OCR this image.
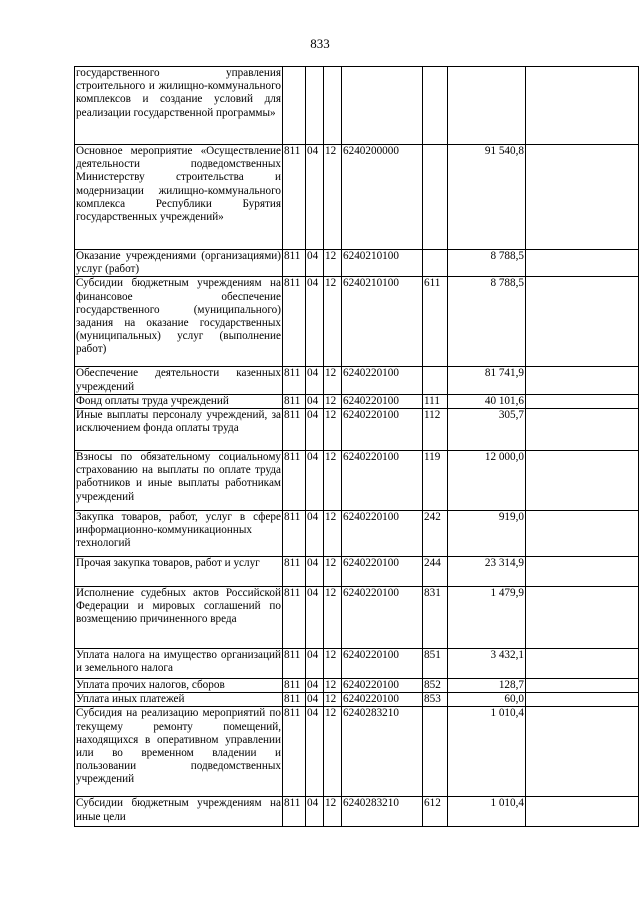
833
государственного управления строительного и жилищно-коммунального комплексов и создание условий для реализации государственной программы»							
Основное мероприятие «Осуществление деятельности подведомственных Министерству строительства и модернизации жилищно-коммунального комплекса Республики Бурятия государственных учреждений»	811	04	12	6240200000		91 540,8	
Оказание учреждениями (организациями) услуг (работ)	811	04	12	6240210100		8 788,5	
Субсидии бюджетным учреждениям на финансовое обеспечение государственного (муниципального) задания на оказание государственных (муниципальных) услуг (выполнение работ)	811	04	12	6240210100	611	8 788,5	
Обеспечение деятельности казенных учреждений	811	04	12	6240220100		81 741,9	
Фонд оплаты труда учреждений	811	04	12	6240220100	111	40 101,6	
Иные выплаты персоналу учреждений, за исключением фонда оплаты труда	811	04	12	6240220100	112	305,7	
Взносы по обязательному социальному страхованию на выплаты по оплате труда работников и иные выплаты работникам учреждений	811	04	12	6240220100	119	12 000,0	
Закупка товаров, работ, услуг в сфере информационно-коммуникационных технологий	811	04	12	6240220100	242	919,0	
Прочая закупка товаров, работ и услуг	811	04	12	6240220100	244	23 314,9	
Исполнение судебных актов Российской Федерации и мировых соглашений по возмещению причиненного вреда	811	04	12	6240220100	831	1 479,9	
Уплата налога на имущество организаций и земельного налога	811	04	12	6240220100	851	3 432,1	
Уплата прочих налогов, сборов	811	04	12	6240220100	852	128,7	
Уплата иных платежей	811	04	12	6240220100	853	60,0	
Субсидия на реализацию мероприятий по текущему ремонту помещений, находящихся в оперативном управлении или во временном владении и пользовании подведомственных учреждений	811	04	12	6240283210		1 010,4	
Субсидии бюджетным учреждениям на иные цели	811	04	12	6240283210	612	1 010,4	
